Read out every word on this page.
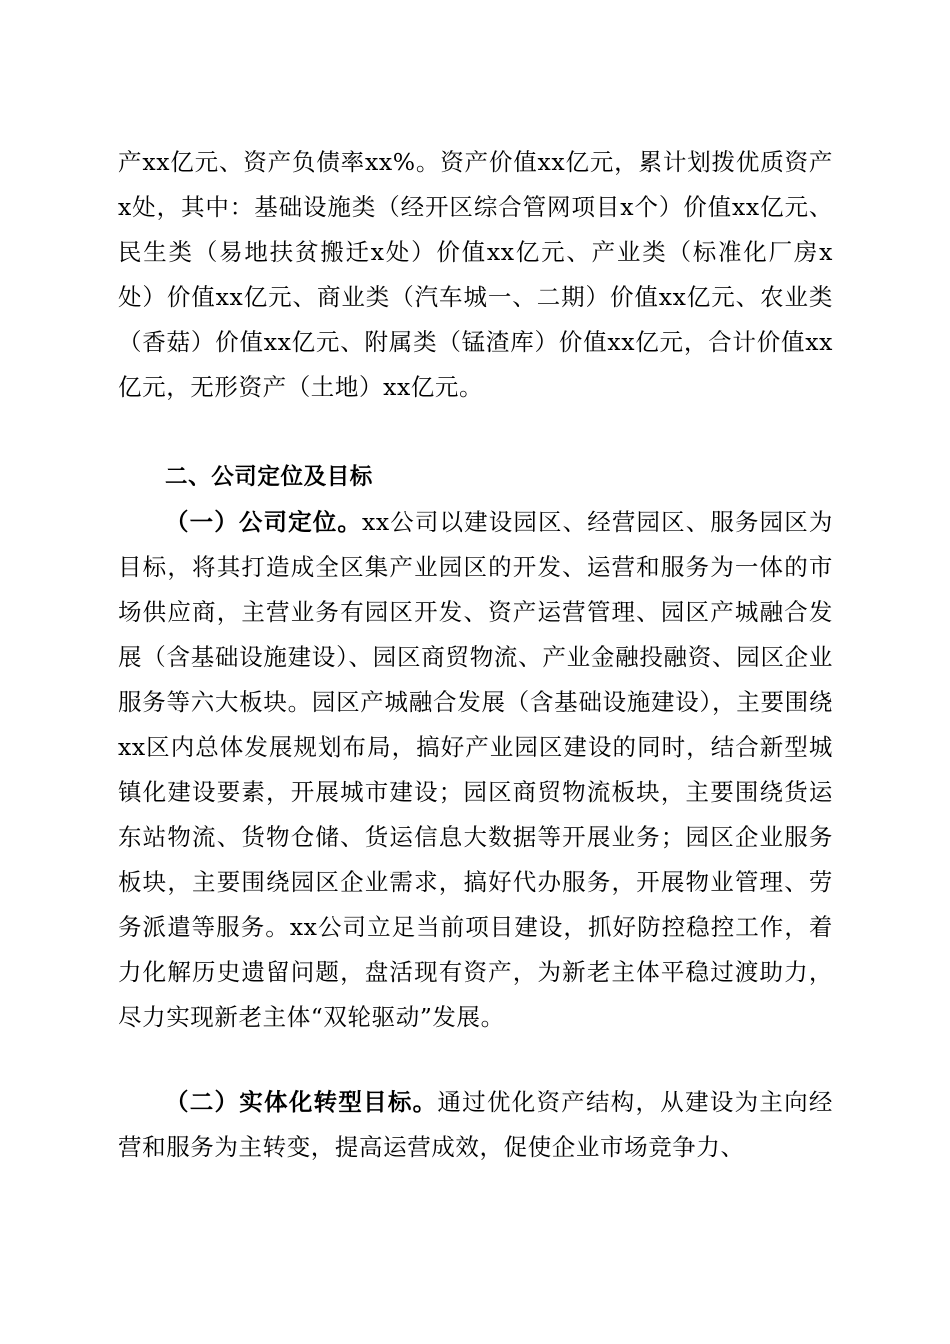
产xx亿元、资产负债率xx%。资产价值xx亿元，累计划拨优质资产x处，其中：基础设施类（经开区综合管网项目x个）价值xx亿元、民生类（易地扶贫搬迁x处）价值xx亿元、产业类（标准化厂房x处）价值xx亿元、商业类（汽车城一、二期）价值xx亿元、农业类（香菇）价值xx亿元、附属类（锰渣库）价值xx亿元，合计价值xx亿元，无形资产（土地）xx亿元。

二、公司定位及目标

（一）公司定位。xx公司以建设园区、经营园区、服务园区为目标，将其打造成全区集产业园区的开发、运营和服务为一体的市场供应商，主营业务有园区开发、资产运营管理、园区产城融合发展（含基础设施建设）、园区商贸物流、产业金融投融资、园区企业服务等六大板块。园区产城融合发展（含基础设施建设），主要围绕xx区内总体发展规划布局，搞好产业园区建设的同时，结合新型城镇化建设要素，开展城市建设；园区商贸物流板块，主要围绕货运东站物流、货物仓储、货运信息大数据等开展业务；园区企业服务板块，主要围绕园区企业需求，搞好代办服务，开展物业管理、劳务派遣等服务。xx公司立足当前项目建设，抓好防控稳控工作，着力化解历史遗留问题，盘活现有资产，为新老主体平稳过渡助力，尽力实现新老主体“双轮驱动”发展。

（二）实体化转型目标。通过优化资产结构，从建设为主向经营和服务为主转变，提高运营成效，促使企业市场竞争力、
